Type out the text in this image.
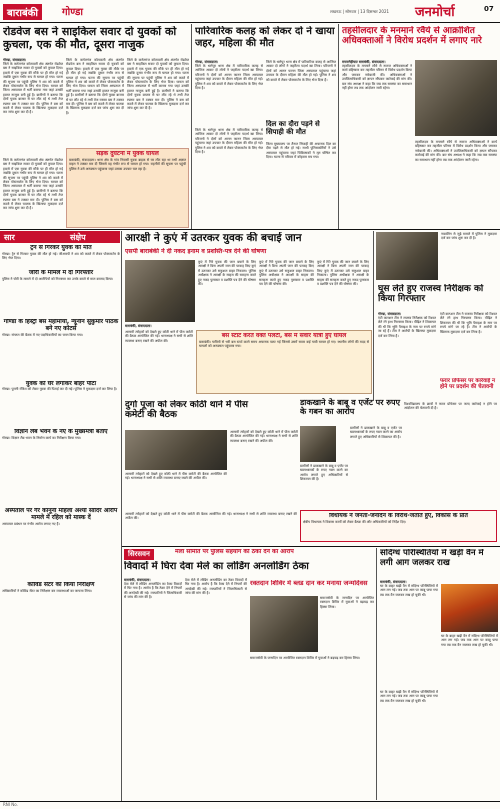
बाराबंकी	गोण्डा	लखनऊ | सोमवार | 13 दिसम्बर 2021 जनमोर्चा	07
रोडवेज बस ने साइकिल सवार दो युवकों को कुचला, एक की मौत, दूसरा नाजुक
गोण्डा, संवाददाता।
जिले के कर्नलगंज कोतवाली क्षेत्र अंतर्गत रोडवेज बस ने साइकिल सवार दो युवकों को कुचल दिया। हादसे में एक युवक की मौके पर ही मौत हो गई जबकि दूसरा गंभीर रूप से घायल हो गया। घटना की सूचना पर पहुंची पुलिस ने शव को कब्जे में लेकर पोस्टमार्टम के लिए भेज दिया। घायल को जिला अस्पताल में भर्ती कराया गया जहां उसकी हालत नाजुक बनी हुई है। ग्रामीणों ने बताया कि दोनों युवक बाजार से घर लौट रहे थे तभी तेज रफ्तार बस ने टक्कर मार दी। पुलिस ने बस को कब्जे में लेकर चालक के खिलाफ मुकदमा दर्ज कर जांच शुरू कर दी है।
जिले के कर्नलगंज कोतवाली क्षेत्र अंतर्गत रोडवेज बस ने साइकिल सवार दो युवकों को कुचल दिया। हादसे में एक युवक की मौके पर ही मौत हो गई जबकि दूसरा गंभीर रूप से घायल हो गया। घटना की सूचना पर पहुंची पुलिस ने शव को कब्जे में लेकर पोस्टमार्टम के लिए भेज दिया। घायल को जिला अस्पताल में भर्ती कराया गया जहां उसकी हालत नाजुक बनी हुई है। ग्रामीणों ने बताया कि दोनों युवक बाजार से घर लौट रहे थे तभी तेज रफ्तार बस ने टक्कर मार दी। पुलिस ने बस को कब्जे में लेकर चालक के खिलाफ मुकदमा दर्ज कर जांच शुरू कर दी है।
जिले के कर्नलगंज कोतवाली क्षेत्र अंतर्गत रोडवेज बस ने साइकिल सवार दो युवकों को कुचल दिया। हादसे में एक युवक की मौके पर ही मौत हो गई जबकि दूसरा गंभीर रूप से घायल हो गया। घटना की सूचना पर पहुंची पुलिस ने शव को कब्जे में लेकर पोस्टमार्टम के लिए भेज दिया। घायल को जिला अस्पताल में भर्ती कराया गया जहां उसकी हालत नाजुक बनी हुई है। ग्रामीणों ने बताया कि दोनों युवक बाजार से घर लौट रहे थे तभी तेज रफ्तार बस ने टक्कर मार दी। पुलिस ने बस को कब्जे में लेकर चालक के खिलाफ मुकदमा दर्ज कर जांच शुरू कर दी है।
सड़क दुर्घटना में युवक घायल
बाराबंकी, संवाददाता। थाना क्षेत्र के गांव निवासी युवक बाइक से घर लौट रहा था तभी अज्ञात वाहन ने टक्कर मार दी जिससे वह गंभीर रूप से घायल हो गया। राहगीरों की सूचना पर पहुंची पुलिस ने उसे अस्पताल पहुंचाया जहां उसका उपचार चल रहा है।
जिले के कर्नलगंज कोतवाली क्षेत्र अंतर्गत रोडवेज बस ने साइकिल सवार दो युवकों को कुचल दिया। हादसे में एक युवक की मौके पर ही मौत हो गई जबकि दूसरा गंभीर रूप से घायल हो गया। घटना की सूचना पर पहुंची पुलिस ने शव को कब्जे में लेकर पोस्टमार्टम के लिए भेज दिया। घायल को जिला अस्पताल में भर्ती कराया गया जहां उसकी हालत नाजुक बनी हुई है। ग्रामीणों ने बताया कि दोनों युवक बाजार से घर लौट रहे थे तभी तेज रफ्तार बस ने टक्कर मार दी। पुलिस ने बस को कब्जे में लेकर चालक के खिलाफ मुकदमा दर्ज कर जांच शुरू कर दी है।
पारिवारिक कलह को लेकर दो ने खाया जहर, महिला की मौत
गोण्डा, संवाददाता।
जिले के धानेपुर थाना क्षेत्र में पारिवारिक कलह से आजिज आकर दो लोगों ने जहरीला पदार्थ खा लिया। परिजनों ने दोनों को आनन फानन जिला अस्पताल पहुंचाया जहां उपचार के दौरान महिला की मौत हो गई। पुलिस ने शव को कब्जे में लेकर पोस्टमार्टम के लिए भेज दिया है।
जिले के धानेपुर थाना क्षेत्र में पारिवारिक कलह से आजिज आकर दो लोगों ने जहरीला पदार्थ खा लिया। परिजनों ने दोनों को आनन फानन जिला अस्पताल पहुंचाया जहां उपचार के दौरान महिला की मौत हो गई। पुलिस ने शव को कब्जे में लेकर पोस्टमार्टम के लिए भेज दिया है।
दिल का दौरा पड़ने से सिपाही की मौत
जिला मुख्यालय पर तैनात सिपाही की अचानक दिल का दौरा पड़ने से मौत हो गई। साथी पुलिसकर्मियों ने उसे अस्पताल पहुंचाया जहां चिकित्सकों ने मृत घोषित कर दिया। घटना से परिवार में कोहराम मच गया।
जिले के धानेपुर थाना क्षेत्र में पारिवारिक कलह से आजिज आकर दो लोगों ने जहरीला पदार्थ खा लिया। परिजनों ने दोनों को आनन फानन जिला अस्पताल पहुंचाया जहां उपचार के दौरान महिला की मौत हो गई। पुलिस ने शव को कब्जे में लेकर पोस्टमार्टम के लिए भेज दिया है।
तहसीलदार के मनमाने रवैये से आक्रोशित अधिवक्ताओं ने विरोध प्रदर्शन में लगाए नारे
रामसनेहीघाट बाराबंकी, संवाददाता।
तहसीलदार के मनमाने रवैये से नाराज अधिवक्ताओं ने कार्य बहिष्कार कर तहसील परिसर में विरोध प्रदर्शन किया और जमकर नारेबाजी की। अधिवक्ताओं ने उपजिलाधिकारी को ज्ञापन सौंपकर कार्रवाई की मांग की। बार संघ अध्यक्ष ने कहा कि जब तक समस्या का समाधान नहीं होगा तब तक आंदोलन जारी रहेगा।
तहसीलदार के मनमाने रवैये से नाराज अधिवक्ताओं ने कार्य बहिष्कार कर तहसील परिसर में विरोध प्रदर्शन किया और जमकर नारेबाजी की। अधिवक्ताओं ने उपजिलाधिकारी को ज्ञापन सौंपकर कार्रवाई की मांग की। बार संघ अध्यक्ष ने कहा कि जब तक समस्या का समाधान नहीं होगा तब तक आंदोलन जारी रहेगा।
सार	संक्षेप
ट्रेन से गिरकर युवक की मौत
गोण्डा। ट्रेन से गिरकर युवक की मौत हो गई। जीआरपी ने शव को कब्जे में लेकर पोस्टमार्टम के लिए भेज दिया।
जोरी के मामले में दो गिरफ्तार
पुलिस ने चोरी के मामले में दो आरोपियों को गिरफ्तार कर उनके कब्जे से माल बरामद किया।
गोण्डा के हिस्ट्री बस महामाया, न्यूनीन सुकुमार पाठक बने नए कोटर्स
गोण्डा। संगठन की बैठक में नए पदाधिकारियों का चयन किया गया।
युवक को घेर लगाकर बाहर पीटा
गोण्डा। पुरानी रंजिश को लेकर युवक की पिटाई कर दी गई। पुलिस ने मुकदमा दर्ज कर लिया है।
विज्ञान लैब भवन के नए के मुख्यमंत्री बताए
गोण्डा। विज्ञान लैब भवन के निर्माण कार्य का निरीक्षण किया गया।
अस्पताल पर गैर कानूनी महिला अंश्या सादिर आरोप मामले में रहिल को मास्क दें
अस्पताल प्रबंधन पर गंभीर आरोप लगाए गए हैं।
कोविड सेंटर का किया निरीक्षण
अधिकारियों ने कोविड सेंटर का निरीक्षण कर व्यवस्थाओं का जायजा लिया।
आरक्षी ने कुएं में उतरकर युवक की बचाई जान
एसपी बाराबंकी ने दी नकद इनाम व प्रशस्ति-पत्र देने की घोषणा
बाराबंकी, संवाददाता।
कुएं में गिरे युवक की जान बचाने के लिए आरक्षी ने बिना अपनी जान की परवाह किए कुएं में उतरकर उसे सकुशल बाहर निकाला। पुलिस अधीक्षक ने आरक्षी के साहस की सराहना करते हुए नकद पुरस्कार व प्रशस्ति पत्र देने की घोषणा की।
कुएं में गिरे युवक की जान बचाने के लिए आरक्षी ने बिना अपनी जान की परवाह किए कुएं में उतरकर उसे सकुशल बाहर निकाला। पुलिस अधीक्षक ने आरक्षी के साहस की सराहना करते हुए नकद पुरस्कार व प्रशस्ति पत्र देने की घोषणा की।
कुएं में गिरे युवक की जान बचाने के लिए आरक्षी ने बिना अपनी जान की परवाह किए कुएं में उतरकर उसे सकुशल बाहर निकाला। पुलिस अधीक्षक ने आरक्षी के साहस की सराहना करते हुए नकद पुरस्कार व प्रशस्ति पत्र देने की घोषणा की।
बस स्टार्ट करते वक्त पलटी, बस में सवार यात्री हुए घायल
बाराबंकी। यात्रियों से भरी बस स्टार्ट करते समय अचानक पलट गई जिससे उसमें सवार कई यात्री घायल हो गए। स्थानीय लोगों की मदद से घायलों को अस्पताल पहुंचाया गया।
दुर्गा पूजा को लेकर कोठी थाने में पीस कमेटी की बैठक
आगामी त्योहारों को देखते हुए कोठी थाने में पीस कमेटी की बैठक आयोजित की गई। थानाध्यक्ष ने सभी से शांति व्यवस्था बनाए रखने की अपील की।
आगामी त्योहारों को देखते हुए कोठी थाने में पीस कमेटी की बैठक आयोजित की गई। थानाध्यक्ष ने सभी से शांति व्यवस्था बनाए रखने की अपील की।
आगामी त्योहारों को देखते हुए कोठी थाने में पीस कमेटी की बैठक आयोजित की गई। थानाध्यक्ष ने सभी से शांति व्यवस्था बनाए रखने की अपील की।
डाकखाने के बाबू व एजेंट पर रुपए के गबन का आरोप
ग्रामीणों ने डाकखाने के बाबू व एजेंट पर खाताधारकों के रुपए गबन करने का आरोप लगाते हुए अधिकारियों से शिकायत की है।
ग्रामीणों ने डाकखाने के बाबू व एजेंट पर खाताधारकों के रुपए गबन करने का आरोप लगाते हुए अधिकारियों से शिकायत की है।
नाबालिग से जुड़े मामले में पुलिस ने मुकदमा दर्ज कर जांच शुरू कर दी है।
घूस लेते हुए राजस्व निरीक्षक को किया गिरफ्तार
गोण्डा, संवाददाता।
एंटी करप्शन टीम ने राजस्व निरीक्षक को रिश्वत लेते रंगे हाथ गिरफ्तार किया। पीड़ित ने शिकायत की थी कि भूमि पैमाइश के नाम पर रुपये मांगे जा रहे हैं। टीम ने आरोपी के खिलाफ मुकदमा दर्ज कर लिया है।
एंटी करप्शन टीम ने राजस्व निरीक्षक को रिश्वत लेते रंगे हाथ गिरफ्तार किया। पीड़ित ने शिकायत की थी कि भूमि पैमाइश के नाम पर रुपये मांगे जा रहे हैं। टीम ने आरोपी के खिलाफ मुकदमा दर्ज कर लिया है।
फरार प्रोफेसर पर कार्रवाई न होने पर प्रदर्शन की चेतावनी
विश्वविद्यालय के छात्रों ने फरार प्रोफेसर पर जल्द कार्रवाई न होने पर आंदोलन की चेतावनी दी है।
विधायक ने जनता-जनार्दन के विरोध-जताते हुए, विकास के प्रति
क्षेत्रीय विधायक ने विकास कार्यों को लेकर बैठक की और अधिकारियों को निर्देश दिए।
आगामी त्योहारों को देखते हुए कोठी थाने में पीस कमेटी की बैठक आयोजित की गई। थानाध्यक्ष ने सभी से शांति व्यवस्था बनाए रखने की अपील की।
सिरसवन	मेला समिति पर पुलिस सहयोग की ठेका देने का आरोप
विवादों में घिरा देवा मेले का लोडिंग अनलोडिंग ठेका
बाराबंकी, संवाददाता।
देवा मेले में लोडिंग अनलोडिंग का ठेका विवादों में घिर गया है। आरोप है कि ठेका देने में नियमों की अनदेखी की गई। व्यापारियों ने जिलाधिकारी से जांच की मांग की है।
देवा मेले में लोडिंग अनलोडिंग का ठेका विवादों में घिर गया है। आरोप है कि ठेका देने में नियमों की अनदेखी की गई। व्यापारियों ने जिलाधिकारी से जांच की मांग की है।
रक्तदान शिविर में ब्लड दान कर मनाया जन्मदिवस
समाजसेवी के जन्मदिन पर आयोजित रक्तदान शिविर में युवाओं ने बढ़चढ़ कर हिस्सा लिया।
समाजसेवी के जन्मदिन पर आयोजित रक्तदान शिविर में युवाओं ने बढ़चढ़ कर हिस्सा लिया।
संदिग्ध परिस्थितियों में खड़ी वैन में लगी आग जलकर राख
बाराबंकी, संवाददाता।
घर के बाहर खड़ी वैन में संदिग्ध परिस्थितियों में आग लग गई। जब तक आग पर काबू पाया गया तब तक वैन जलकर राख हो चुकी थी।
घर के बाहर खड़ी वैन में संदिग्ध परिस्थितियों में आग लग गई। जब तक आग पर काबू पाया गया तब तक वैन जलकर राख हो चुकी थी।
घर के बाहर खड़ी वैन में संदिग्ध परिस्थितियों में आग लग गई। जब तक आग पर काबू पाया गया तब तक वैन जलकर राख हो चुकी थी।
RNI No.
